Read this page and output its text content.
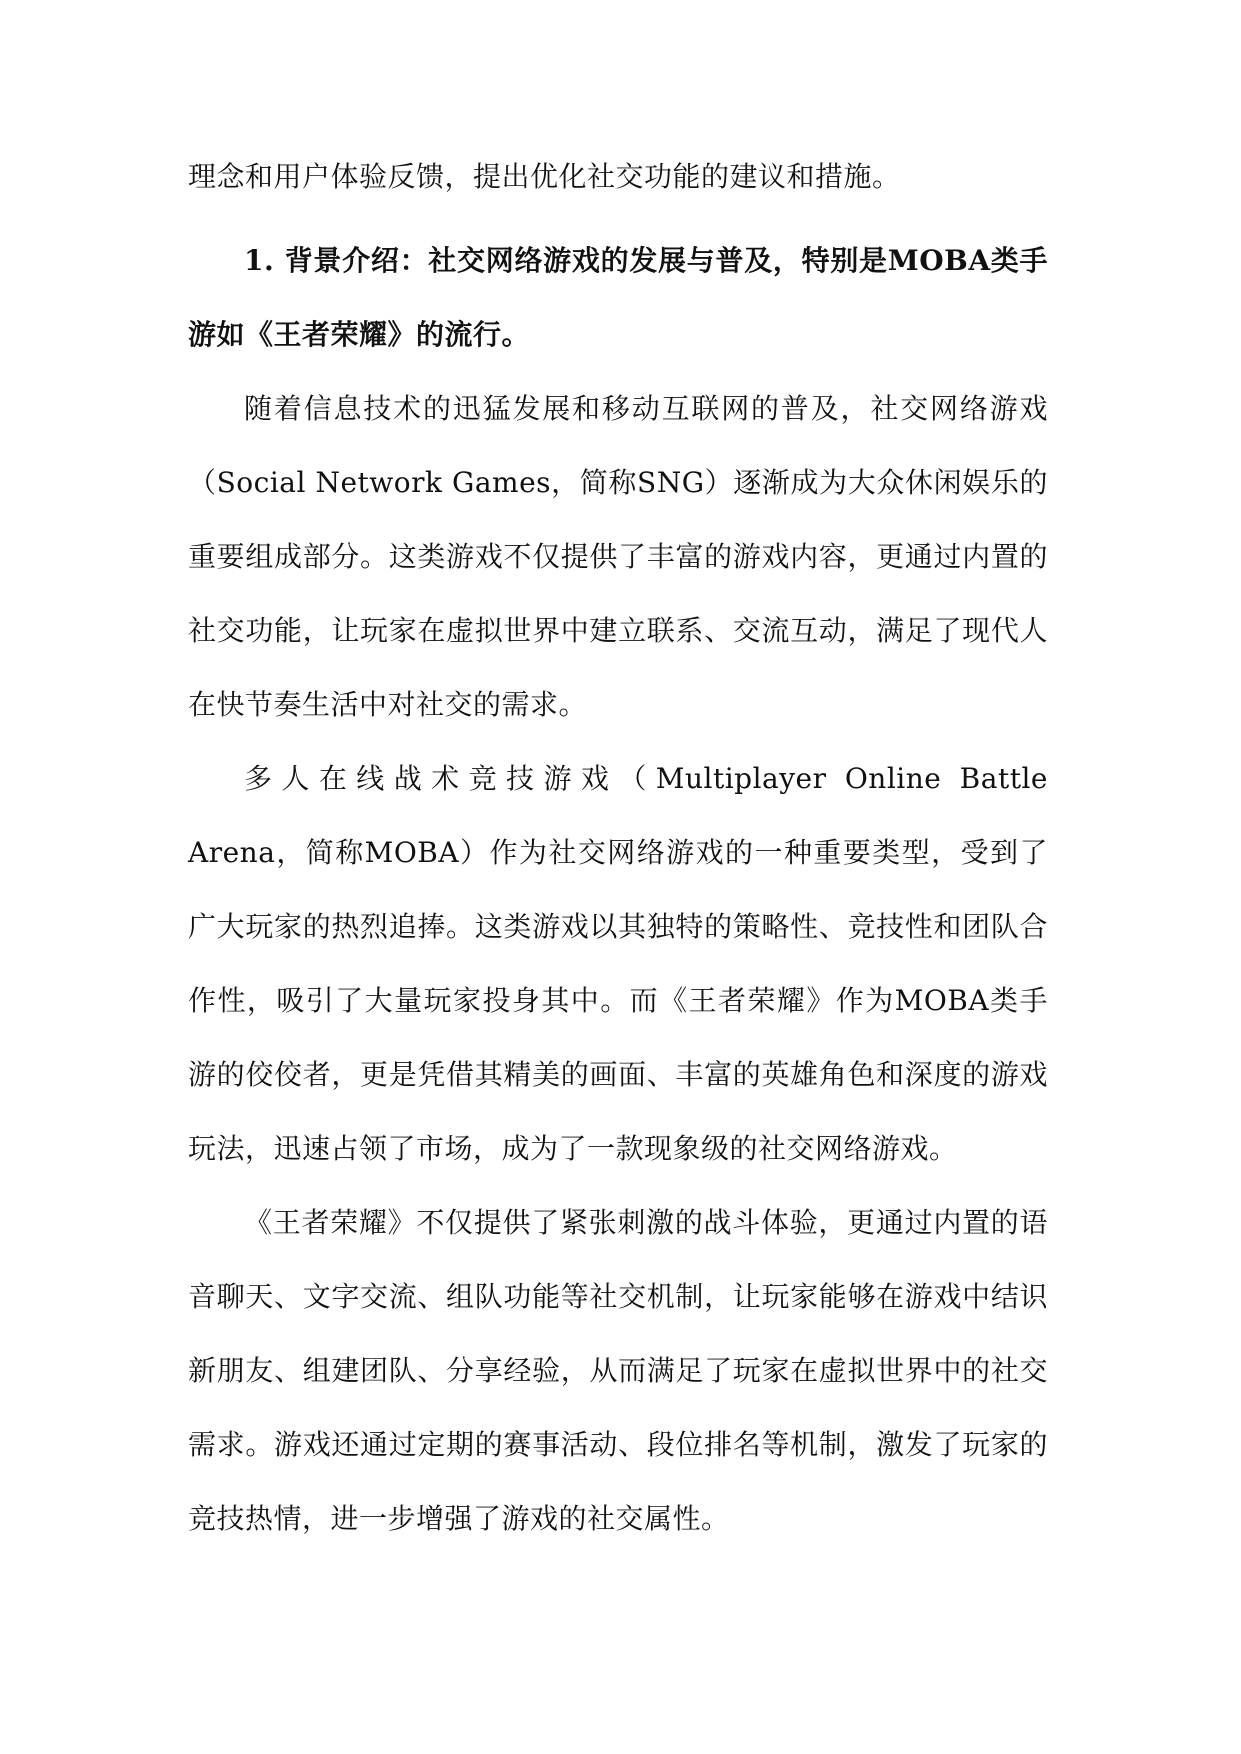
理念和用户体验反馈，提出优化社交功能的建议和措施。

1. 背景介绍：社交网络游戏的发展与普及，特别是MOBA类手游如《王者荣耀》的流行。

随着信息技术的迅猛发展和移动互联网的普及，社交网络游戏（Social Network Games，简称SNG）逐渐成为大众休闲娱乐的重要组成部分。这类游戏不仅提供了丰富的游戏内容，更通过内置的社交功能，让玩家在虚拟世界中建立联系、交流互动，满足了现代人在快节奏生活中对社交的需求。

多人在线战术竞技游戏（Multiplayer Online Battle Arena，简称MOBA）作为社交网络游戏的一种重要类型，受到了广大玩家的热烈追捧。这类游戏以其独特的策略性、竞技性和团队合作性，吸引了大量玩家投身其中。而《王者荣耀》作为MOBA类手游的佼佼者，更是凭借其精美的画面、丰富的英雄角色和深度的游戏玩法，迅速占领了市场，成为了一款现象级的社交网络游戏。

《王者荣耀》不仅提供了紧张刺激的战斗体验，更通过内置的语音聊天、文字交流、组队功能等社交机制，让玩家能够在游戏中结识新朋友、组建团队、分享经验，从而满足了玩家在虚拟世界中的社交需求。游戏还通过定期的赛事活动、段位排名等机制，激发了玩家的竞技热情，进一步增强了游戏的社交属性。
